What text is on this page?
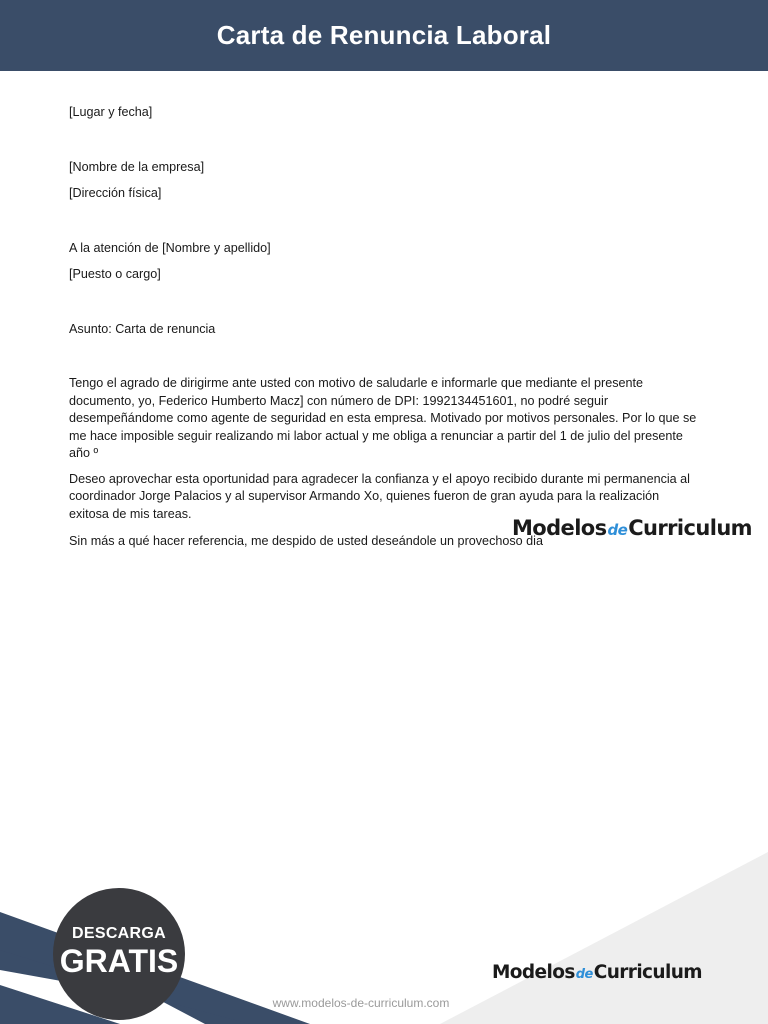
Carta de Renuncia Laboral

[Lugar y fecha]

[Nombre de la empresa]

[Dirección física]

A la atención de [Nombre y apellido]

[Puesto o cargo]

Asunto: Carta de renuncia

Tengo el agrado de dirigirme ante usted con motivo de saludarle e informarle que mediante el presente documento, yo, Federico Humberto Macz] con número de DPI: 1992134451601, no podré seguir desempeñándome como agente de seguridad en esta empresa. Motivado por motivos personales. Por lo que se me hace imposible seguir realizando mi labor actual y me obliga a renunciar a partir del 1 de julio del presente año º

Deseo aprovechar esta oportunidad para agradecer la confianza y el apoyo recibido durante mi permanencia al coordinador Jorge Palacios y al supervisor Armando Xo, quienes fueron de gran ayuda para la realización exitosa de mis tareas.

Sin más a qué hacer referencia, me despido de usted deseándole un provechoso dia

Modelos de Curriculum
DESCARGA
GRATIS	Modelos de Curriculum
www.modelos-de-curriculum.com
